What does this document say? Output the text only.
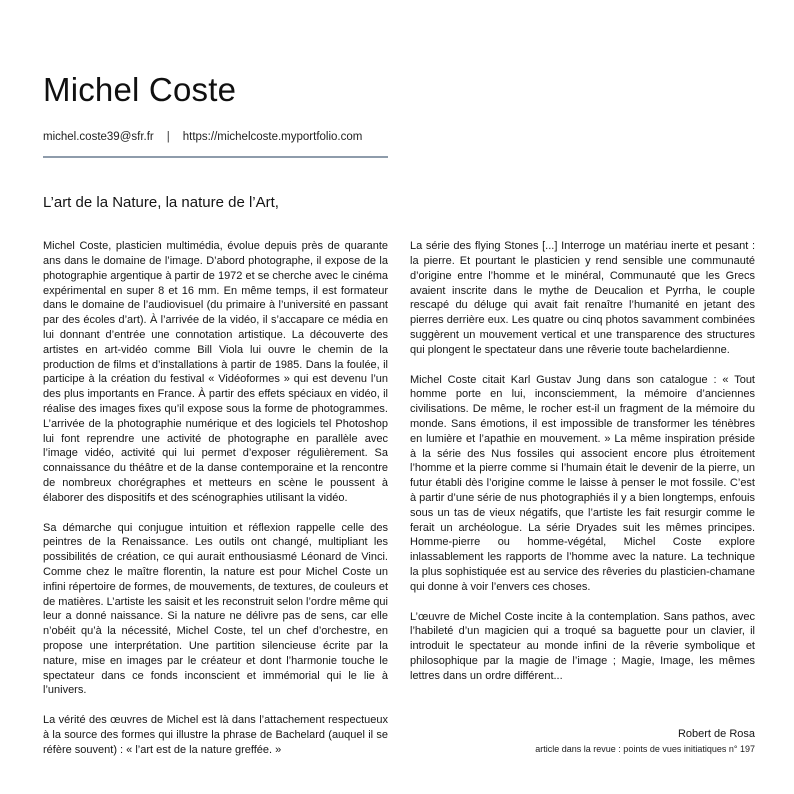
Michel Coste
michel.coste39@sfr.fr | https://michelcoste.myportfolio.com
L’art de la Nature, la nature de l’Art,

Michel Coste, plasticien multimédia, évolue depuis près de quarante ans dans le domaine de l’image. D’abord photographe, il expose de la photographie argentique à partir de 1972 et se cherche avec le cinéma expérimental en super 8 et 16 mm. En même temps, il est formateur dans le domaine de l’audiovisuel (du primaire à l’université en passant par des écoles d’art). À l’arrivée de la vidéo, il s’accapare ce média en lui donnant d’entrée une connotation artistique. La découverte des artistes en art-vidéo comme Bill Viola lui ouvre le chemin de la production de films et d’installations à partir de 1985. Dans la foulée, il participe à la création du festival « Vidéoformes » qui est devenu l’un des plus importants en France. À partir des effets spéciaux en vidéo, il réalise des images fixes qu’il expose sous la forme de photogrammes. L’arrivée de la photographie numérique et des logiciels tel Photoshop lui font reprendre une activité de photographe en parallèle avec l’image vidéo, activité qui lui permet d’exposer régulièrement. Sa connaissance du théâtre et de la danse contemporaine et la rencontre de nombreux chorégraphes et metteurs en scène le poussent à élaborer des dispositifs et des scénographies utilisant la vidéo.

Sa démarche qui conjugue intuition et réflexion rappelle celle des peintres de la Renaissance. Les outils ont changé, multipliant les possibilités de création, ce qui aurait enthousiasmé Léonard de Vinci. Comme chez le maître florentin, la nature est pour Michel Coste un infini répertoire de formes, de mouvements, de textures, de couleurs et de matières. L’artiste les saisit et les reconstruit selon l’ordre même qui leur a donné naissance. Si la nature ne délivre pas de sens, car elle n’obéit qu’à la nécessité, Michel Coste, tel un chef d’orchestre, en propose une interprétation. Une partition silencieuse écrite par la nature, mise en images par le créateur et dont l’harmonie touche le spectateur dans ce fonds inconscient et immémorial qui le lie à l’univers.

La vérité des œuvres de Michel est là dans l’attachement respectueux à la source des formes qui illustre la phrase de Bachelard (auquel il se réfère souvent) : « l’art est de la nature greffée. »

La série des flying Stones [...] Interroge un matériau inerte et pesant : la pierre. Et pourtant le plasticien y rend sensible une communauté d’origine entre l’homme et le minéral, Communauté que les Grecs avaient inscrite dans le mythe de Deucalion et Pyrrha, le couple rescapé du déluge qui avait fait renaître l’humanité en jetant des pierres derrière eux. Les quatre ou cinq photos savamment combinées suggèrent un mouvement vertical et une transparence des structures qui plongent le spectateur dans une rêverie toute bachelardienne.

Michel Coste citait Karl Gustav Jung dans son catalogue : « Tout homme porte en lui, inconsciemment, la mémoire d’anciennes civilisations. De même, le rocher est-il un fragment de la mémoire du monde. Sans émotions, il est impossible de transformer les ténèbres en lumière et l’apathie en mouvement. » La même inspiration préside à la série des Nus fossiles qui associent encore plus étroitement l’homme et la pierre comme si l’humain était le devenir de la pierre, un futur établi dès l’origine comme le laisse à penser le mot fossile. C’est à partir d’une série de nus photographiés il y a bien longtemps, enfouis sous un tas de vieux négatifs, que l’artiste les fait resurgir comme le ferait un archéologue. La série Dryades suit les mêmes principes. Homme-pierre ou homme-végétal, Michel Coste explore inlassablement les rapports de l’homme avec la nature. La technique la plus sophistiquée est au service des rêveries du plasticien-chamane qui donne à voir l’envers ces choses.

L’œuvre de Michel Coste incite à la contemplation. Sans pathos, avec l’habileté d’un magicien qui a troqué sa baguette pour un clavier, il introduit le spectateur au monde infini de la rêverie symbolique et philosophique par la magie de l’image ; Magie, Image, les mêmes lettres dans un ordre différent...

Robert de Rosa
article dans la revue : points de vues initiatiques n° 197
